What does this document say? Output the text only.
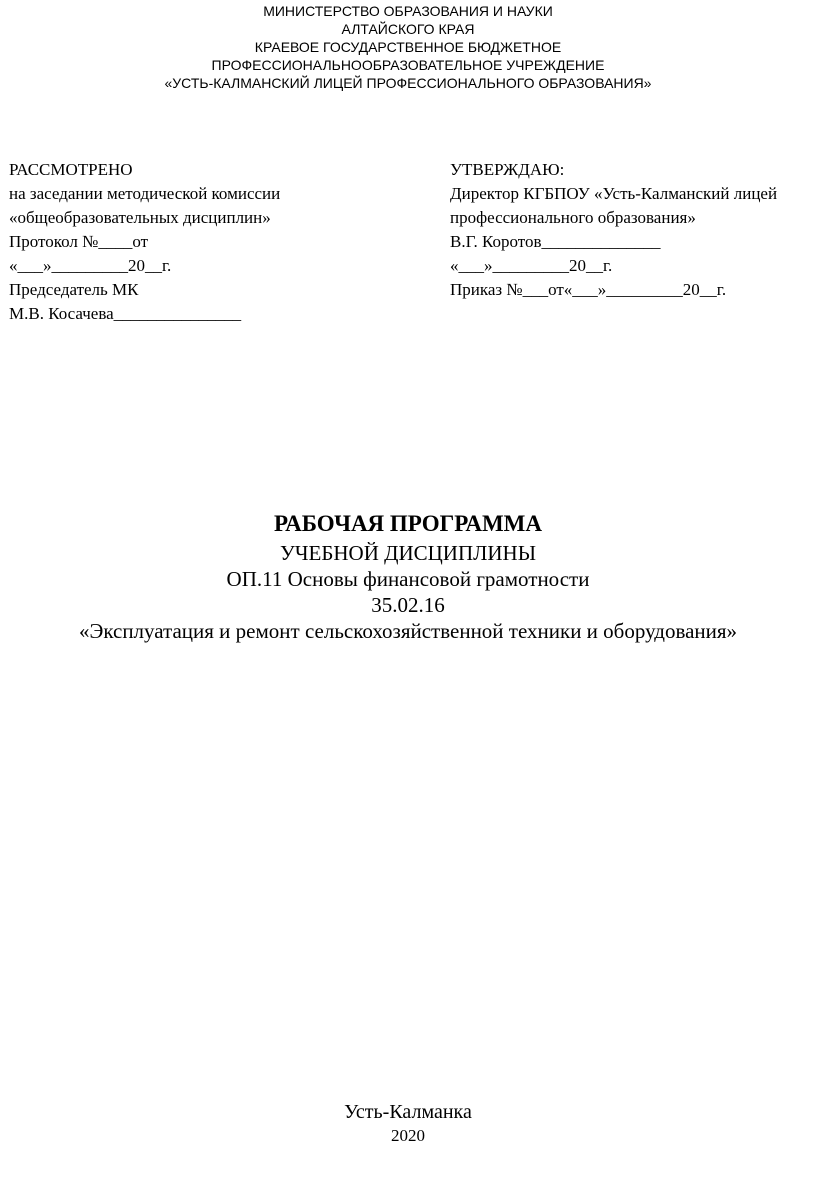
МИНИСТЕРСТВО ОБРАЗОВАНИЯ И НАУКИ
АЛТАЙСКОГО КРАЯ
КРАЕВОЕ ГОСУДАРСТВЕННОЕ БЮДЖЕТНОЕ
ПРОФЕССИОНАЛЬНООБРАЗОВАТЕЛЬНОЕ УЧРЕЖДЕНИЕ
«УСТЬ-КАЛМАНСКИЙ ЛИЦЕЙ ПРОФЕССИОНАЛЬНОГО ОБРАЗОВАНИЯ»
РАССМОТРЕНО
на заседании методической комиссии
«общеобразовательных дисциплин»
Протокол №____от
«___»_________20__г.
Председатель МК
М.В. Косачева_______________
УТВЕРЖДАЮ:
Директор КГБПОУ «Усть-Калманский лицей
профессионального образования»
В.Г. Коротов______________
«___»_________20__г.
Приказ №___от«___»_________20__г.
РАБОЧАЯ ПРОГРАММА
УЧЕБНОЙ ДИСЦИПЛИНЫ
ОП.11 Основы финансовой грамотности
35.02.16
«Эксплуатация и ремонт сельскохозяйственной техники и оборудования»
Усть-Калманка
2020
